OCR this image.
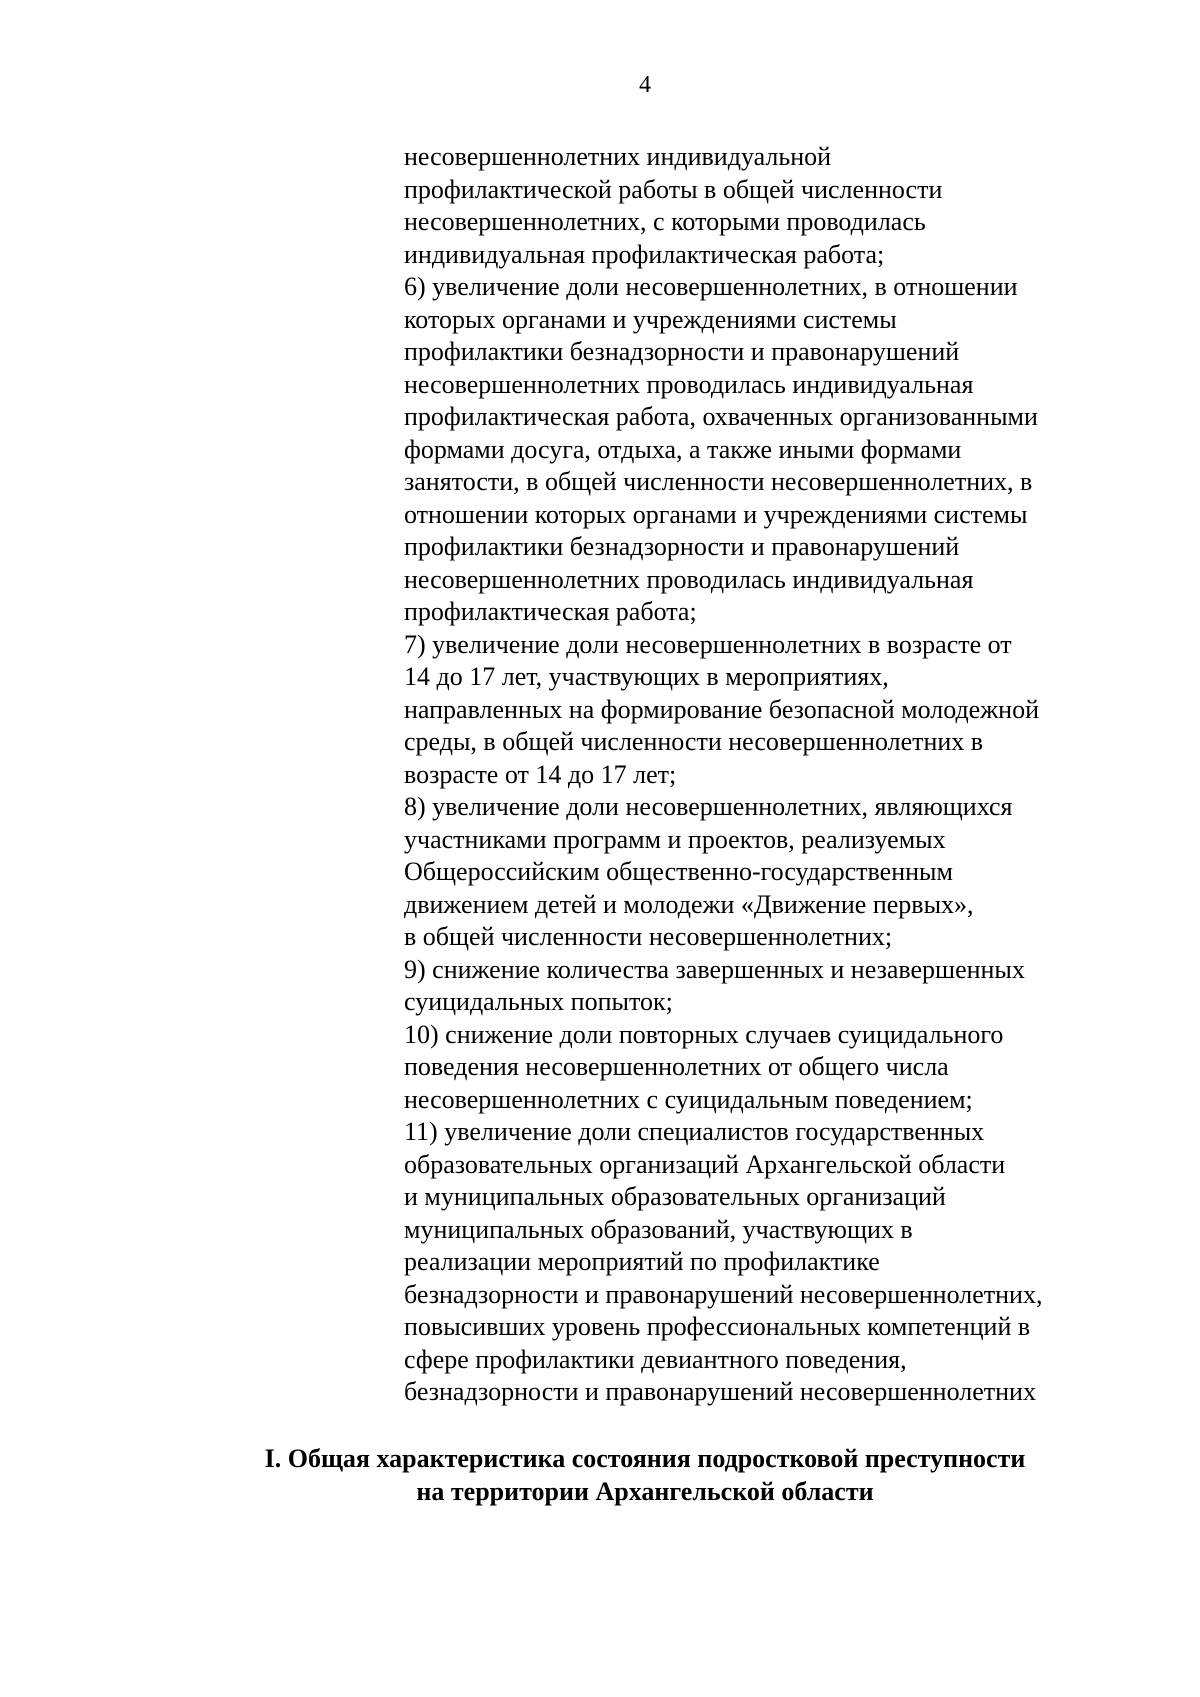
4
несовершеннолетних индивидуальной
профилактической работы в общей численности
несовершеннолетних, с которыми проводилась
индивидуальная профилактическая работа;
6) увеличение доли несовершеннолетних, в отношении
которых органами и учреждениями системы
профилактики безнадзорности и правонарушений
несовершеннолетних проводилась индивидуальная
профилактическая работа, охваченных организованными
формами досуга, отдыха, а также иными формами
занятости, в общей численности несовершеннолетних, в
отношении которых органами и учреждениями системы
профилактики безнадзорности и правонарушений
несовершеннолетних проводилась индивидуальная
профилактическая работа;
7) увеличение доли несовершеннолетних в возрасте от
14 до 17 лет, участвующих в мероприятиях,
направленных на формирование безопасной молодежной
среды, в общей численности несовершеннолетних в
возрасте от 14 до 17 лет;
8) увеличение доли несовершеннолетних, являющихся
участниками программ и проектов, реализуемых
Общероссийским общественно-государственным
движением детей и молодежи «Движение первых»,
в общей численности несовершеннолетних;
9) снижение количества завершенных и незавершенных
суицидальных попыток;
10) снижение доли повторных случаев суицидального
поведения несовершеннолетних от общего числа
несовершеннолетних с суицидальным поведением;
11) увеличение доли специалистов государственных
образовательных организаций Архангельской области
и муниципальных образовательных организаций
муниципальных образований, участвующих в
реализации мероприятий по профилактике
безнадзорности и правонарушений несовершеннолетних,
повысивших уровень профессиональных компетенций в
сфере профилактики девиантного поведения,
безнадзорности и правонарушений несовершеннолетних
I. Общая характеристика состояния подростковой преступности
на территории Архангельской области
